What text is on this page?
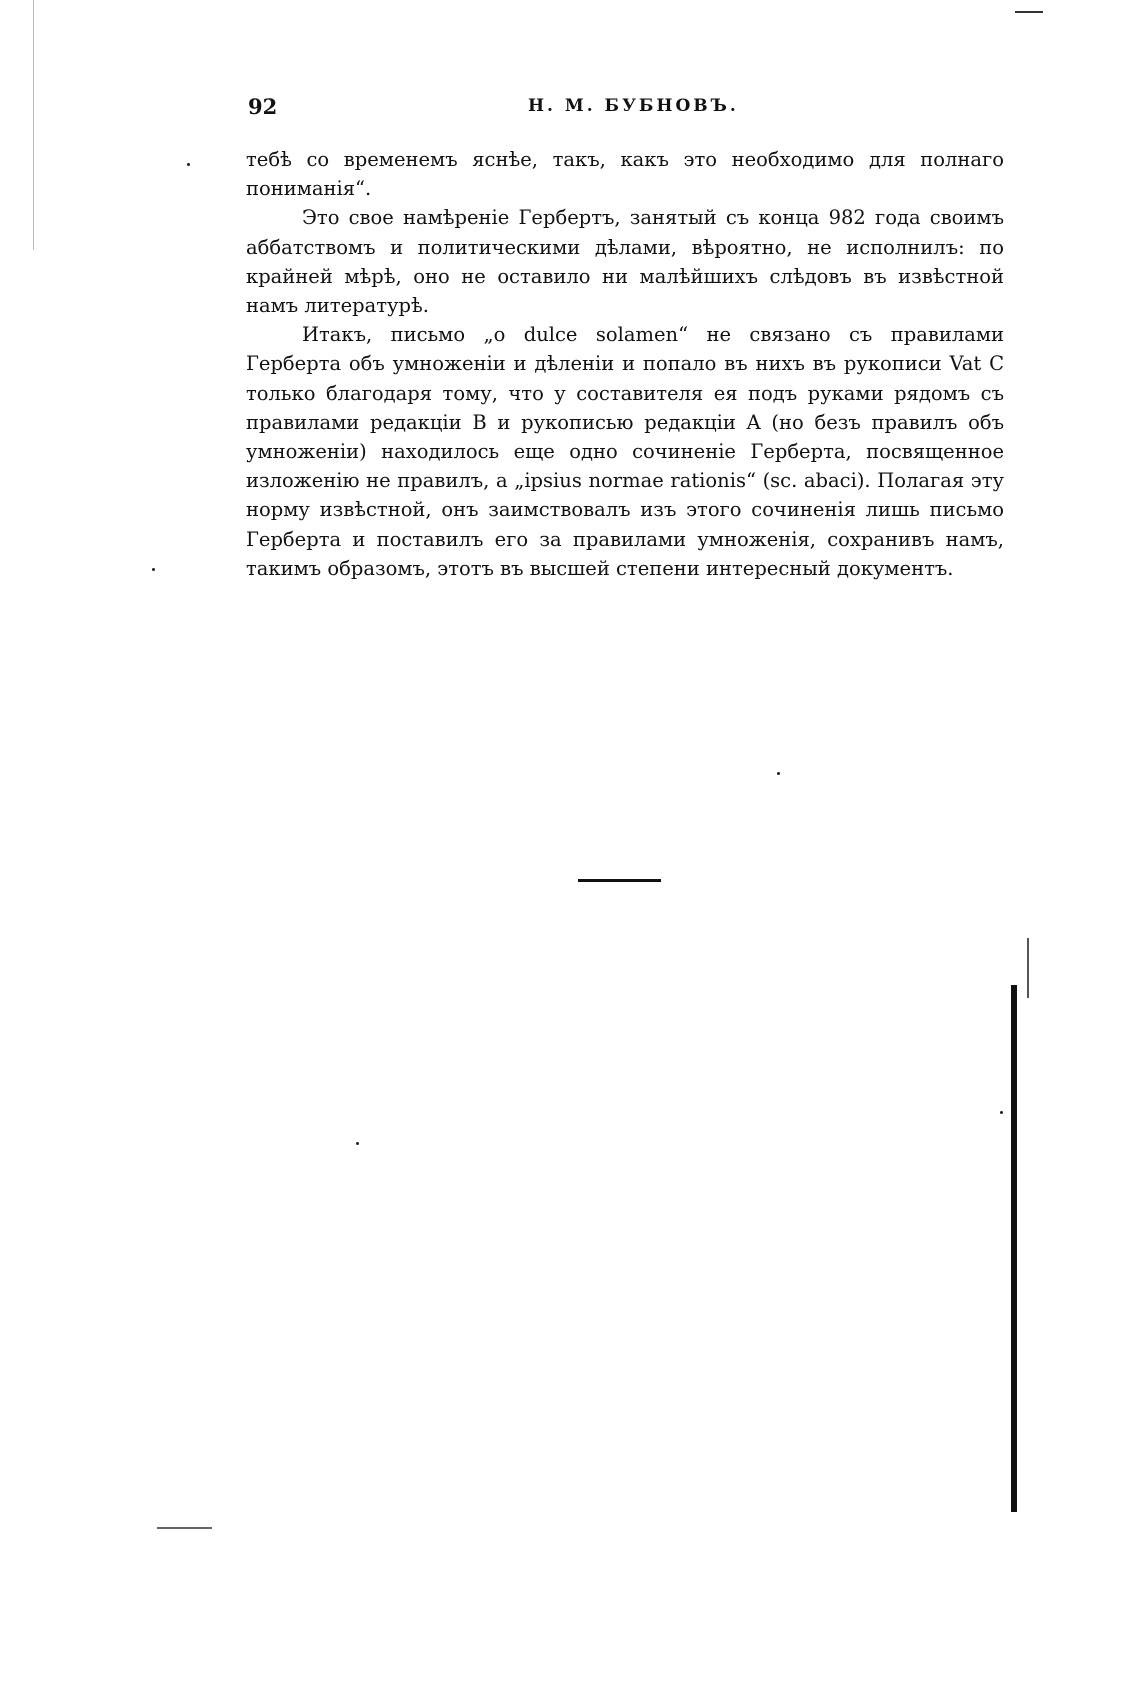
92	Н. М. БУБНОВЪ.

тебѣ со временемъ яснѣе, такъ, какъ это необходимо для полнаго пониманія“.

Это свое намѣреніе Гербертъ, занятый съ конца 982 года своимъ аббатствомъ и политическими дѣлами, вѣроятно, не исполнилъ: по крайней мѣрѣ, оно не оставило ни малѣйшихъ слѣдовъ въ извѣстной намъ литературѣ.

Итакъ, письмо „o dulce solamen“ не связано съ правилами Герберта объ умноженіи и дѣленіи и попало въ нихъ въ рукописи Vat C только благодаря тому, что у составителя ея подъ руками рядомъ съ правилами редакціи B и рукописью редакціи A (но безъ правилъ объ умноженіи) находилось еще одно сочиненіе Герберта, посвященное изложенію не правилъ, а „ipsius normae rationis“ (sc. abaci). Полагая эту норму извѣстной, онъ заимствовалъ изъ этого сочиненія лишь письмо Герберта и поставилъ его за правилами умноженія, сохранивъ намъ, такимъ образомъ, этотъ въ высшей степени интересный документъ.
